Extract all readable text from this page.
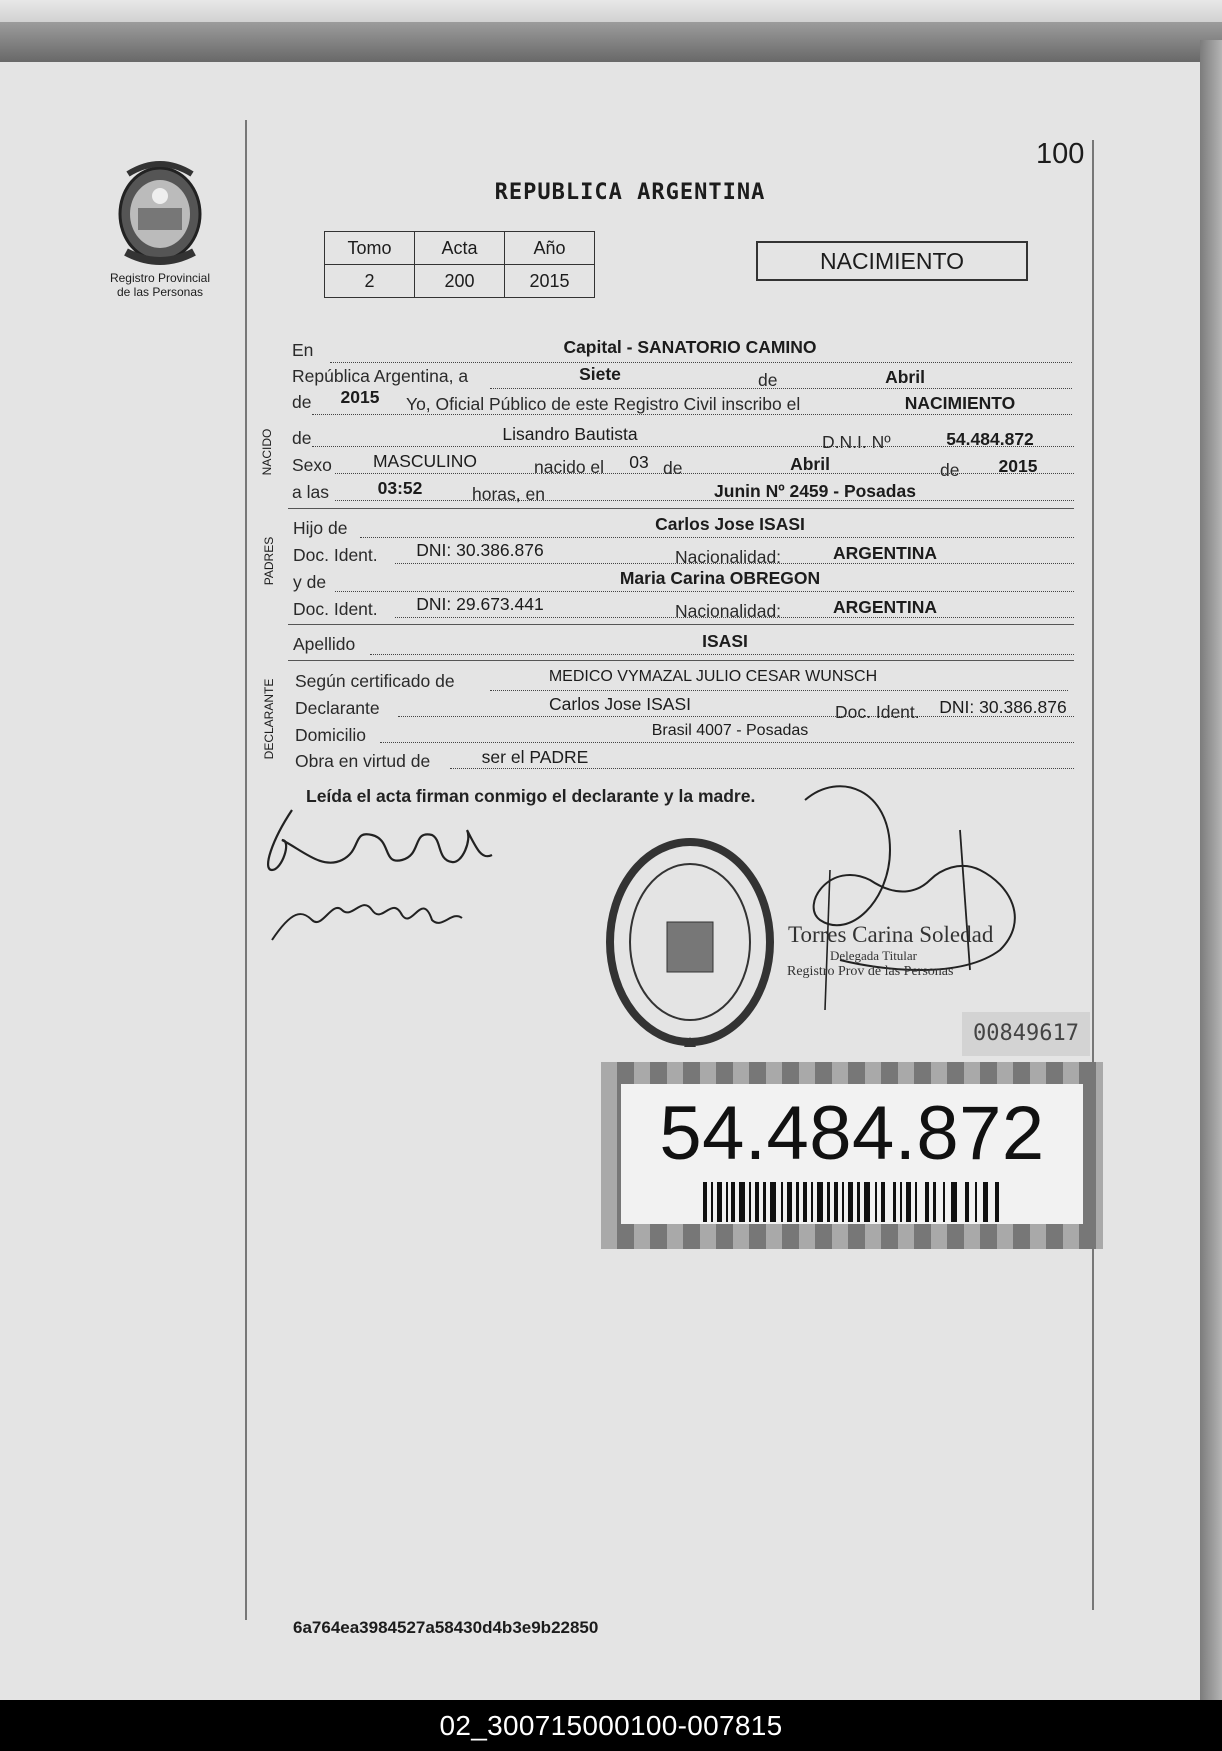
100
Registro Provincial
de las Personas
REPUBLICA ARGENTINA
Tomo	Acta	Año
2	200	2015
NACIMIENTO
En	Capital - SANATORIO CAMINO
República Argentina, a	Siete	de	Abril
de	2015	Yo, Oficial Público de este Registro Civil inscribo el	NACIMIENTO
NACIDO de	Lisandro Bautista	D.N.I. Nº	54.484.872
Sexo	MASCULINO	nacido el	03 de	Abril	de	2015
a las	03:52	horas, en	Junin Nº 2459 - Posadas
PADRES
Hijo de	Carlos Jose ISASI
Doc. Ident.	DNI: 30.386.876	Nacionalidad:	ARGENTINA
y de	Maria Carina OBREGON
Doc. Ident.	DNI: 29.673.441	Nacionalidad:	ARGENTINA
Apellido	ISASI
DECLARANTE Según certificado de	MEDICO VYMAZAL JULIO CESAR WUNSCH
Declarante	Carlos Jose ISASI	Doc. Ident.	DNI: 30.386.876
Domicilio	Brasil 4007 - Posadas
Obra en virtud de	ser el PADRE
Leída el acta firman conmigo el declarante y la madre.
Torres Carina Soledad
Delegada Titular
Registro Prov de las Personas
00849617
54.484.872
6a764ea3984527a58430d4b3e9b22850
02_300715000100-007815
